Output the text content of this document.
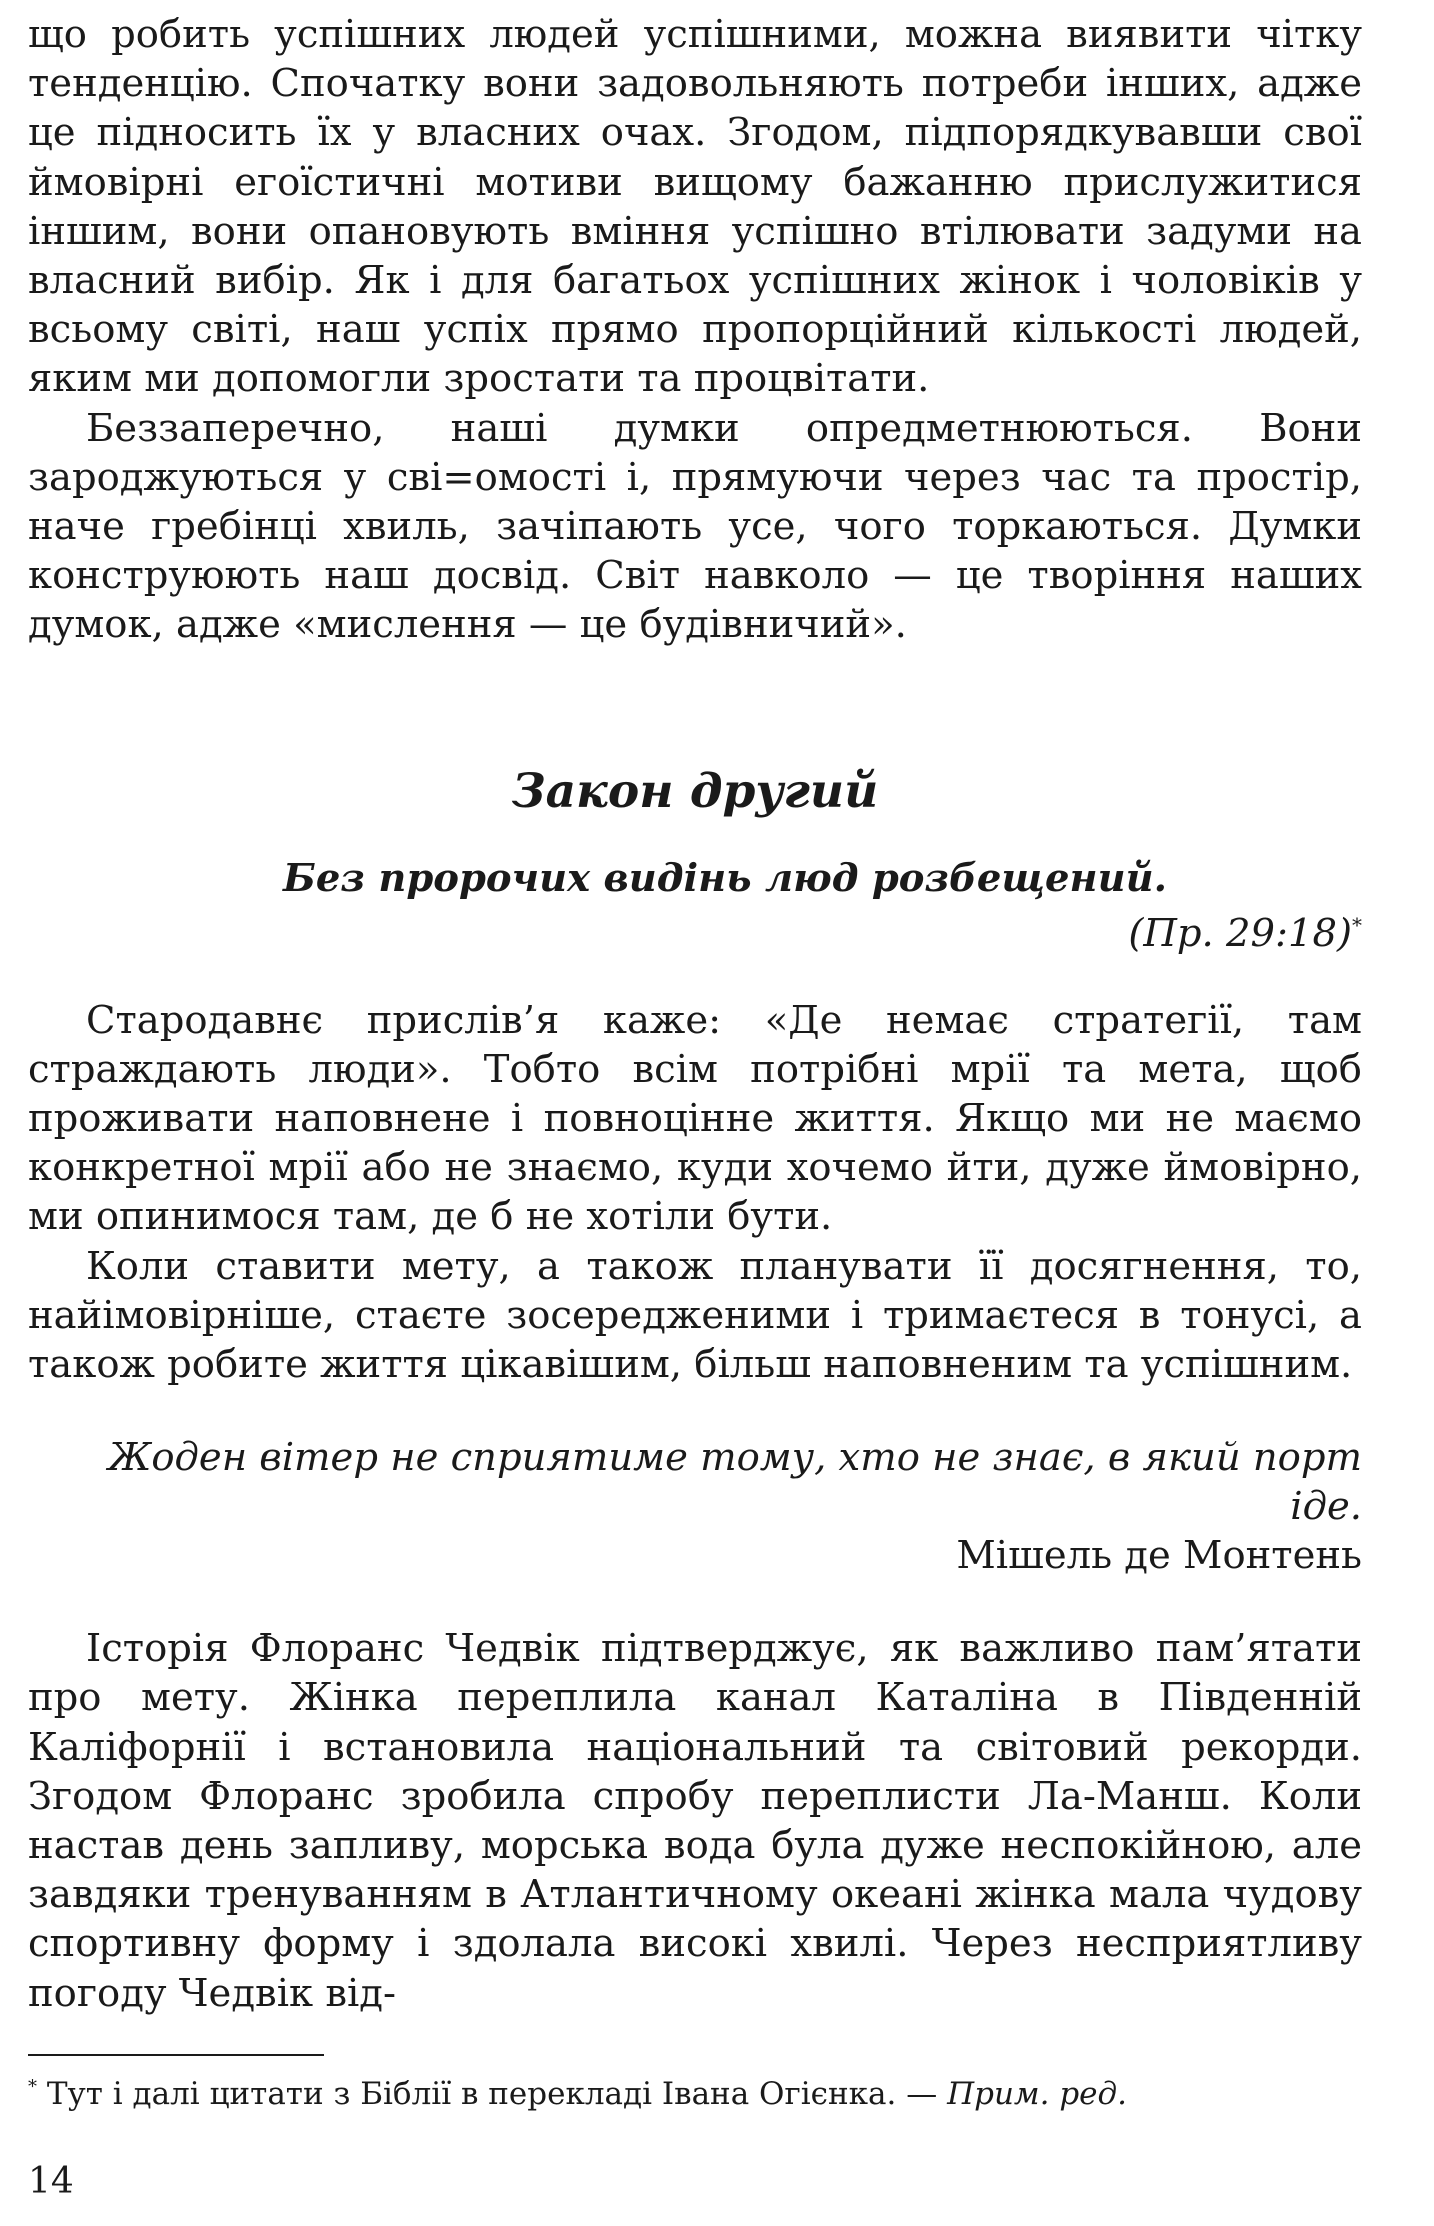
що робить успішних людей успішними, можна виявити чітку тенденцію. Спочатку вони задовольняють потреби інших, адже це підносить їх у власних очах. Згодом, підпорядкувавши свої ймовірні егоїстичні мотиви вищому бажанню прислужитися іншим, вони опановують вміння успішно втілювати задуми на власний вибір. Як і для багатьох успішних жінок і чоловіків у всьому світі, наш успіх прямо пропорційний кількості людей, яким ми допомогли зростати та процвітати.

Беззаперечно, наші думки опредметнюються. Вони зароджуються у сві=омості і, прямуючи через час та простір, наче гребінці хвиль, зачіпають усе, чого торкаються. Думки конструюють наш досвід. Світ навколо — це творіння наших думок, адже «мислення — це будівничий».

Закон другий

Без пророчих видінь люд розбещений.

(Пр. 29:18)*

Стародавнє прислів’я каже: «Де немає стратегії, там страждають люди». Тобто всім потрібні мрії та мета, щоб проживати наповнене і повноцінне життя. Якщо ми не маємо конкретної мрії або не знаємо, куди хочемо йти, дуже ймовірно, ми опинимося там, де б не хотіли бути.

Коли ставити мету, а також планувати її досягнення, то, найімовірніше, стаєте зосередженими і тримаєтеся в тонусі, а також робите життя цікавішим, більш наповненим та успішним.

Жоден вітер не сприятиме тому, хто не знає, в який порт іде.
Мішель де Монтень

Історія Флоранс Чедвік підтверджує, як важливо пам’ятати про мету. Жінка переплила канал Каталіна в Південній Каліфорнії і встановила національний та світовий рекорди. Згодом Флоранс зробила спробу переплисти Ла-Манш. Коли настав день запливу, морська вода була дуже неспокійною, але завдяки тренуванням в Атлантичному океані жінка мала чудову спортивну форму і здолала високі хвилі. Через несприятливу погоду Чедвік від-

* Тут і далі цитати з Біблії в перекладі Івана Огієнка. — Прим. ред.
14
